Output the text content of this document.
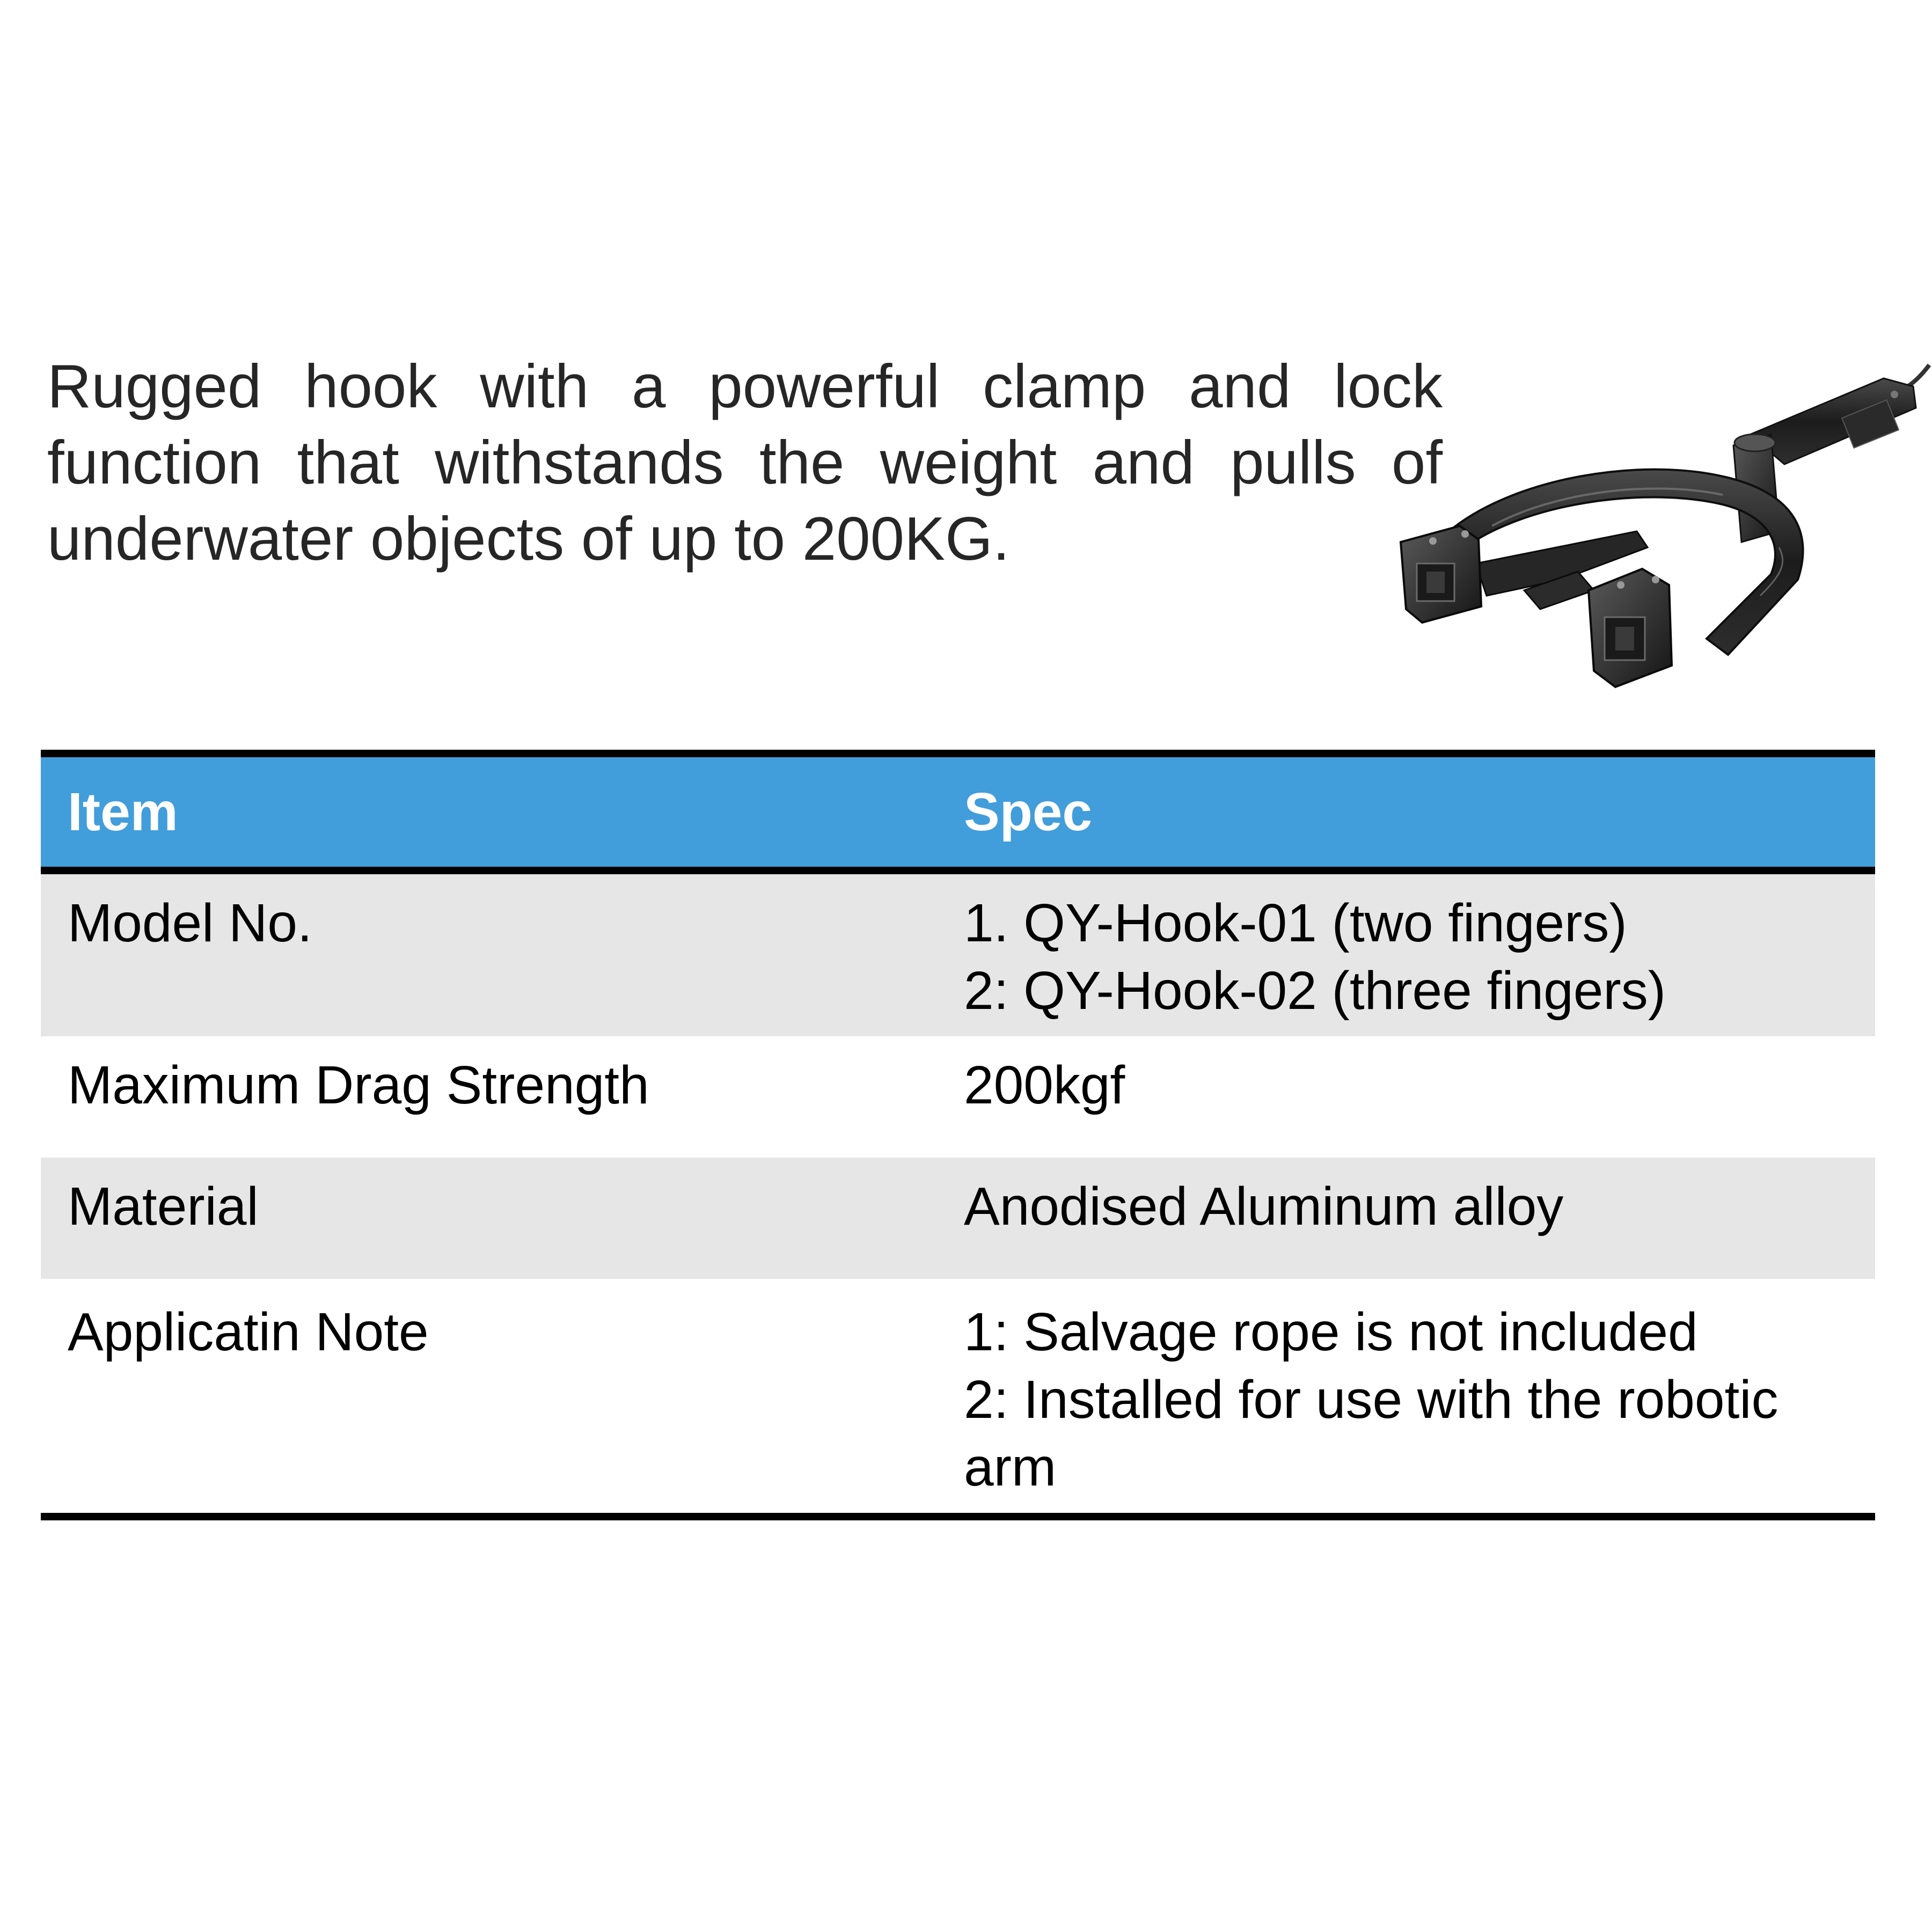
Rugged hook with a powerful clamp and lock function that withstands the weight and pulls of underwater objects of up to 200KG.

Item	Spec
Model No.	1. QY-Hook-01 (two fingers)
2: QY-Hook-02 (three fingers)

Maximum Drag Strength	200kgf

Material	Anodised Aluminum alloy

Applicatin Note	1: Salvage rope is not included
2: Installed for use with the robotic arm
